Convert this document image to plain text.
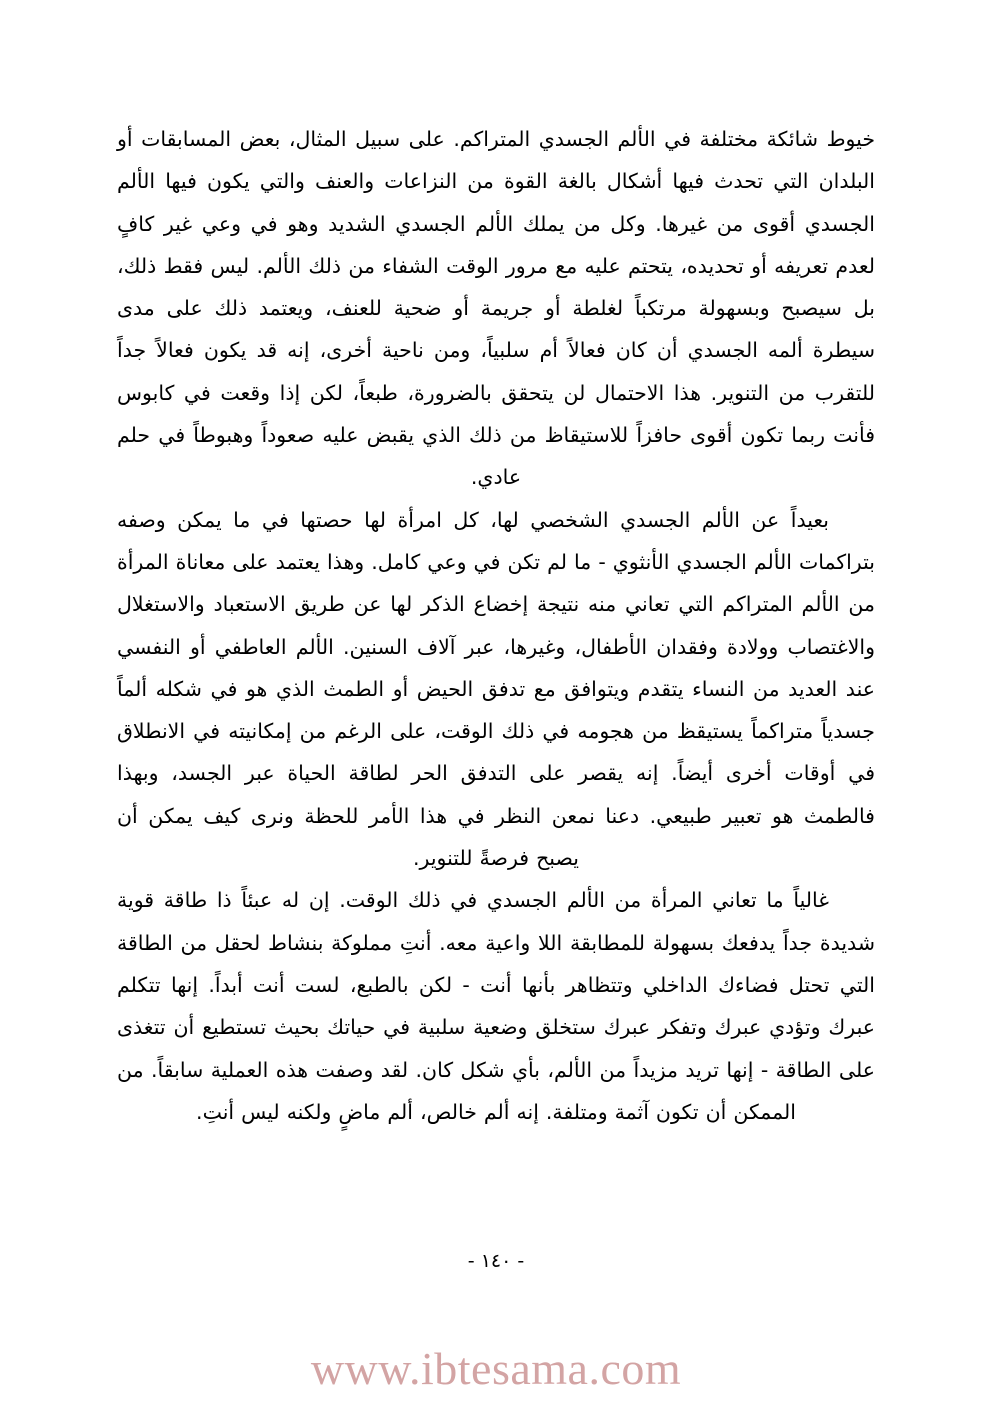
خيوط شائكة مختلفة في الألم الجسدي المتراكم. على سبيل المثال، بعض المسابقات أو البلدان التي تحدث فيها أشكال بالغة القوة من النزاعات والعنف والتي يكون فيها الألم الجسدي أقوى من غيرها. وكل من يملك الألم الجسدي الشديد وهو في وعي غير كافٍ لعدم تعريفه أو تحديده، يتحتم عليه مع مرور الوقت الشفاء من ذلك الألم. ليس فقط ذلك، بل سيصبح وبسهولة مرتكباً لغلطة أو جريمة أو ضحية للعنف، ويعتمد ذلك على مدى سيطرة ألمه الجسدي أن كان فعالاً أم سلبياً، ومن ناحية أخرى، إنه قد يكون فعالاً جداً للتقرب من التنوير. هذا الاحتمال لن يتحقق بالضرورة، طبعاً، لكن إذا وقعت في كابوس فأنت ربما تكون أقوى حافزاً للاستيقاظ من ذلك الذي يقبض عليه صعوداً وهبوطاً في حلم عادي.

بعيداً عن الألم الجسدي الشخصي لها، كل امرأة لها حصتها في ما يمكن وصفه بتراكمات الألم الجسدي الأنثوي - ما لم تكن في وعي كامل. وهذا يعتمد على معاناة المرأة من الألم المتراكم التي تعاني منه نتيجة إخضاع الذكر لها عن طريق الاستعباد والاستغلال والاغتصاب وولادة وفقدان الأطفال، وغيرها، عبر آلاف السنين. الألم العاطفي أو النفسي عند العديد من النساء يتقدم ويتوافق مع تدفق الحيض أو الطمث الذي هو في شكله ألماً جسدياً متراكماً يستيقظ من هجومه في ذلك الوقت، على الرغم من إمكانيته في الانطلاق في أوقات أخرى أيضاً. إنه يقصر على التدفق الحر لطاقة الحياة عبر الجسد، وبهذا فالطمث هو تعبير طبيعي. دعنا نمعن النظر في هذا الأمر للحظة ونرى كيف يمكن أن يصبح فرصةً للتنوير.

غالياً ما تعاني المرأة من الألم الجسدي في ذلك الوقت. إن له عبئاً ذا طاقة قوية شديدة جداً يدفعك بسهولة للمطابقة اللا واعية معه. أنتِ مملوكة بنشاط لحقل من الطاقة التي تحتل فضاءك الداخلي وتتظاهر بأنها أنت - لكن بالطبع، لست أنت أبداً. إنها تتكلم عبرك وتؤدي عبرك وتفكر عبرك ستخلق وضعية سلبية في حياتك بحيث تستطيع أن تتغذى على الطاقة - إنها تريد مزيداً من الألم، بأي شكل كان. لقد وصفت هذه العملية سابقاً. من الممكن أن تكون آثمة ومتلفة. إنه ألم خالص، ألم ماضٍ ولكنه ليس أنتِ.

- ١٤٠ -
www.ibtesama.com
